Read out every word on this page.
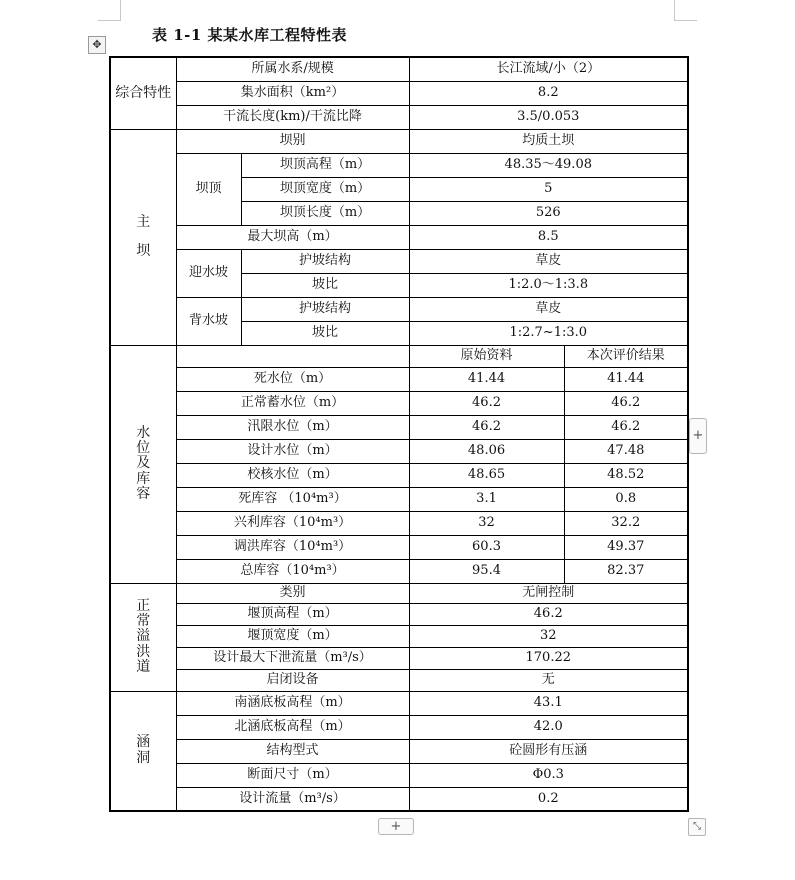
✥
表 1-1 某某水库工程特性表
综合特性	所属水系/规模		长江流域/小（2）	
	集水面积（km²）		8.2	
	干流长度(km)/干流比降		3.5/0.053	

主
坝	坝别		均质土坝	
	坝顶	坝顶高程（m）	48.35～49.08	
		坝顶宽度（m）	5	
		坝顶长度（m）	526	
	最大坝高（m）		8.5	
	迎水坡	护坡结构	草皮	
		坡比	1:2.0～1:3.8	
	背水坡	护坡结构	草皮	
		坡比	1:2.7~1:3.0	

水
位
及
库
容			原始资料	本次评价结果
	死水位（m）		41.44	41.44
	正常蓄水位（m）		46.2	46.2
	汛限水位（m）		46.2	46.2
	设计水位（m）		48.06	47.48
	校核水位（m）		48.65	48.52
	死库容 （10⁴m³）		3.1	0.8
	兴利库容（10⁴m³）		32	32.2
	调洪库容（10⁴m³）		60.3	49.37
	总库容（10⁴m³）		95.4	82.37

正
常
溢
洪
道	类别		无闸控制	
	堰顶高程（m）		46.2	
	堰顶宽度（m）		32	
	设计最大下泄流量（m³/s）		170.22	
	启闭设备		无	

涵
洞	南涵底板高程（m）		43.1	
	北涵底板高程（m）		42.0	
	结构型式		砼圆形有压涵	
	断面尺寸（m）		Φ0.3	
	设计流量（m³/s）		0.2	
+
+	⤡
